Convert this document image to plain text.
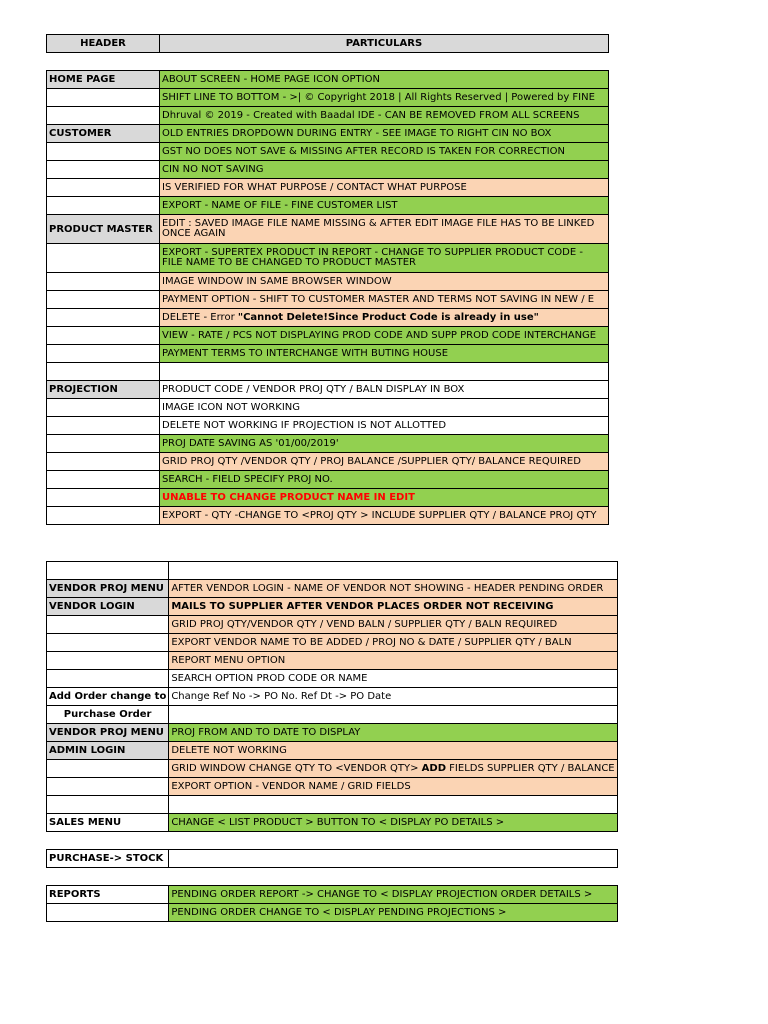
HEADER	PARTICULARS

HOME PAGE	ABOUT SCREEN - HOME PAGE ICON OPTION
	SHIFT LINE TO BOTTOM - >| © Copyright 2018 | All Rights Reserved | Powered by FINE
	Dhruval © 2019 - Created with Baadal IDE - CAN BE REMOVED FROM ALL SCREENS
CUSTOMER	OLD ENTRIES DROPDOWN DURING ENTRY - SEE IMAGE TO RIGHT CIN NO BOX
	GST NO DOES NOT SAVE & MISSING AFTER RECORD IS TAKEN FOR CORRECTION
	CIN NO NOT SAVING
	IS VERIFIED FOR WHAT PURPOSE / CONTACT WHAT PURPOSE
	EXPORT - NAME OF FILE - FINE CUSTOMER LIST
PRODUCT MASTER	EDIT : SAVED IMAGE FILE NAME MISSING & AFTER EDIT IMAGE FILE HAS TO BE LINKED ONCE AGAIN
	EXPORT - SUPERTEX PRODUCT IN REPORT - CHANGE TO SUPPLIER PRODUCT CODE - FILE NAME TO BE CHANGED TO PRODUCT MASTER
	IMAGE WINDOW IN SAME BROWSER WINDOW
	PAYMENT OPTION - SHIFT TO CUSTOMER MASTER AND TERMS NOT SAVING IN NEW / E
	DELETE - Error "Cannot Delete!Since Product Code is already in use"
	VIEW - RATE / PCS NOT DISPLAYING PROD CODE AND SUPP PROD CODE INTERCHANGE
	PAYMENT TERMS TO INTERCHANGE WITH BUTING HOUSE

PROJECTION	PRODUCT CODE / VENDOR PROJ QTY / BALN DISPLAY IN BOX
	IMAGE ICON NOT WORKING
	DELETE NOT WORKING IF PROJECTION IS NOT ALLOTTED
	PROJ DATE SAVING AS '01/00/2019'
	GRID PROJ QTY /VENDOR QTY / PROJ BALANCE /SUPPLIER QTY/ BALANCE REQUIRED
	SEARCH - FIELD SPECIFY PROJ NO.
	UNABLE TO CHANGE PRODUCT NAME IN EDIT
	EXPORT - QTY -CHANGE TO <PROJ QTY > INCLUDE SUPPLIER QTY / BALANCE PROJ QTY

VENDOR PROJ MENU	AFTER VENDOR LOGIN - NAME OF VENDOR NOT SHOWING - HEADER PENDING ORDER
VENDOR LOGIN	MAILS TO SUPPLIER AFTER VENDOR PLACES ORDER NOT RECEIVING
	GRID PROJ QTY/VENDOR QTY / VEND BALN / SUPPLIER QTY / BALN REQUIRED
	EXPORT VENDOR NAME TO BE ADDED / PROJ NO & DATE / SUPPLIER QTY / BALN
	REPORT MENU OPTION
	SEARCH OPTION PROD CODE OR NAME
Add Order change to	Change Ref No -> PO No. Ref Dt -> PO Date
Purchase Order	
VENDOR PROJ MENU	PROJ FROM AND TO DATE TO DISPLAY
ADMIN LOGIN	DELETE NOT WORKING
	GRID WINDOW CHANGE QTY TO <VENDOR QTY> ADD FIELDS SUPPLIER QTY / BALANCE
	EXPORT OPTION - VENDOR NAME / GRID FIELDS

SALES MENU	CHANGE < LIST PRODUCT > BUTTON TO < DISPLAY PO DETAILS >

PURCHASE-> STOCK	

REPORTS	PENDING ORDER REPORT -> CHANGE TO < DISPLAY PROJECTION ORDER DETAILS >
	PENDING ORDER CHANGE TO < DISPLAY PENDING PROJECTIONS >
